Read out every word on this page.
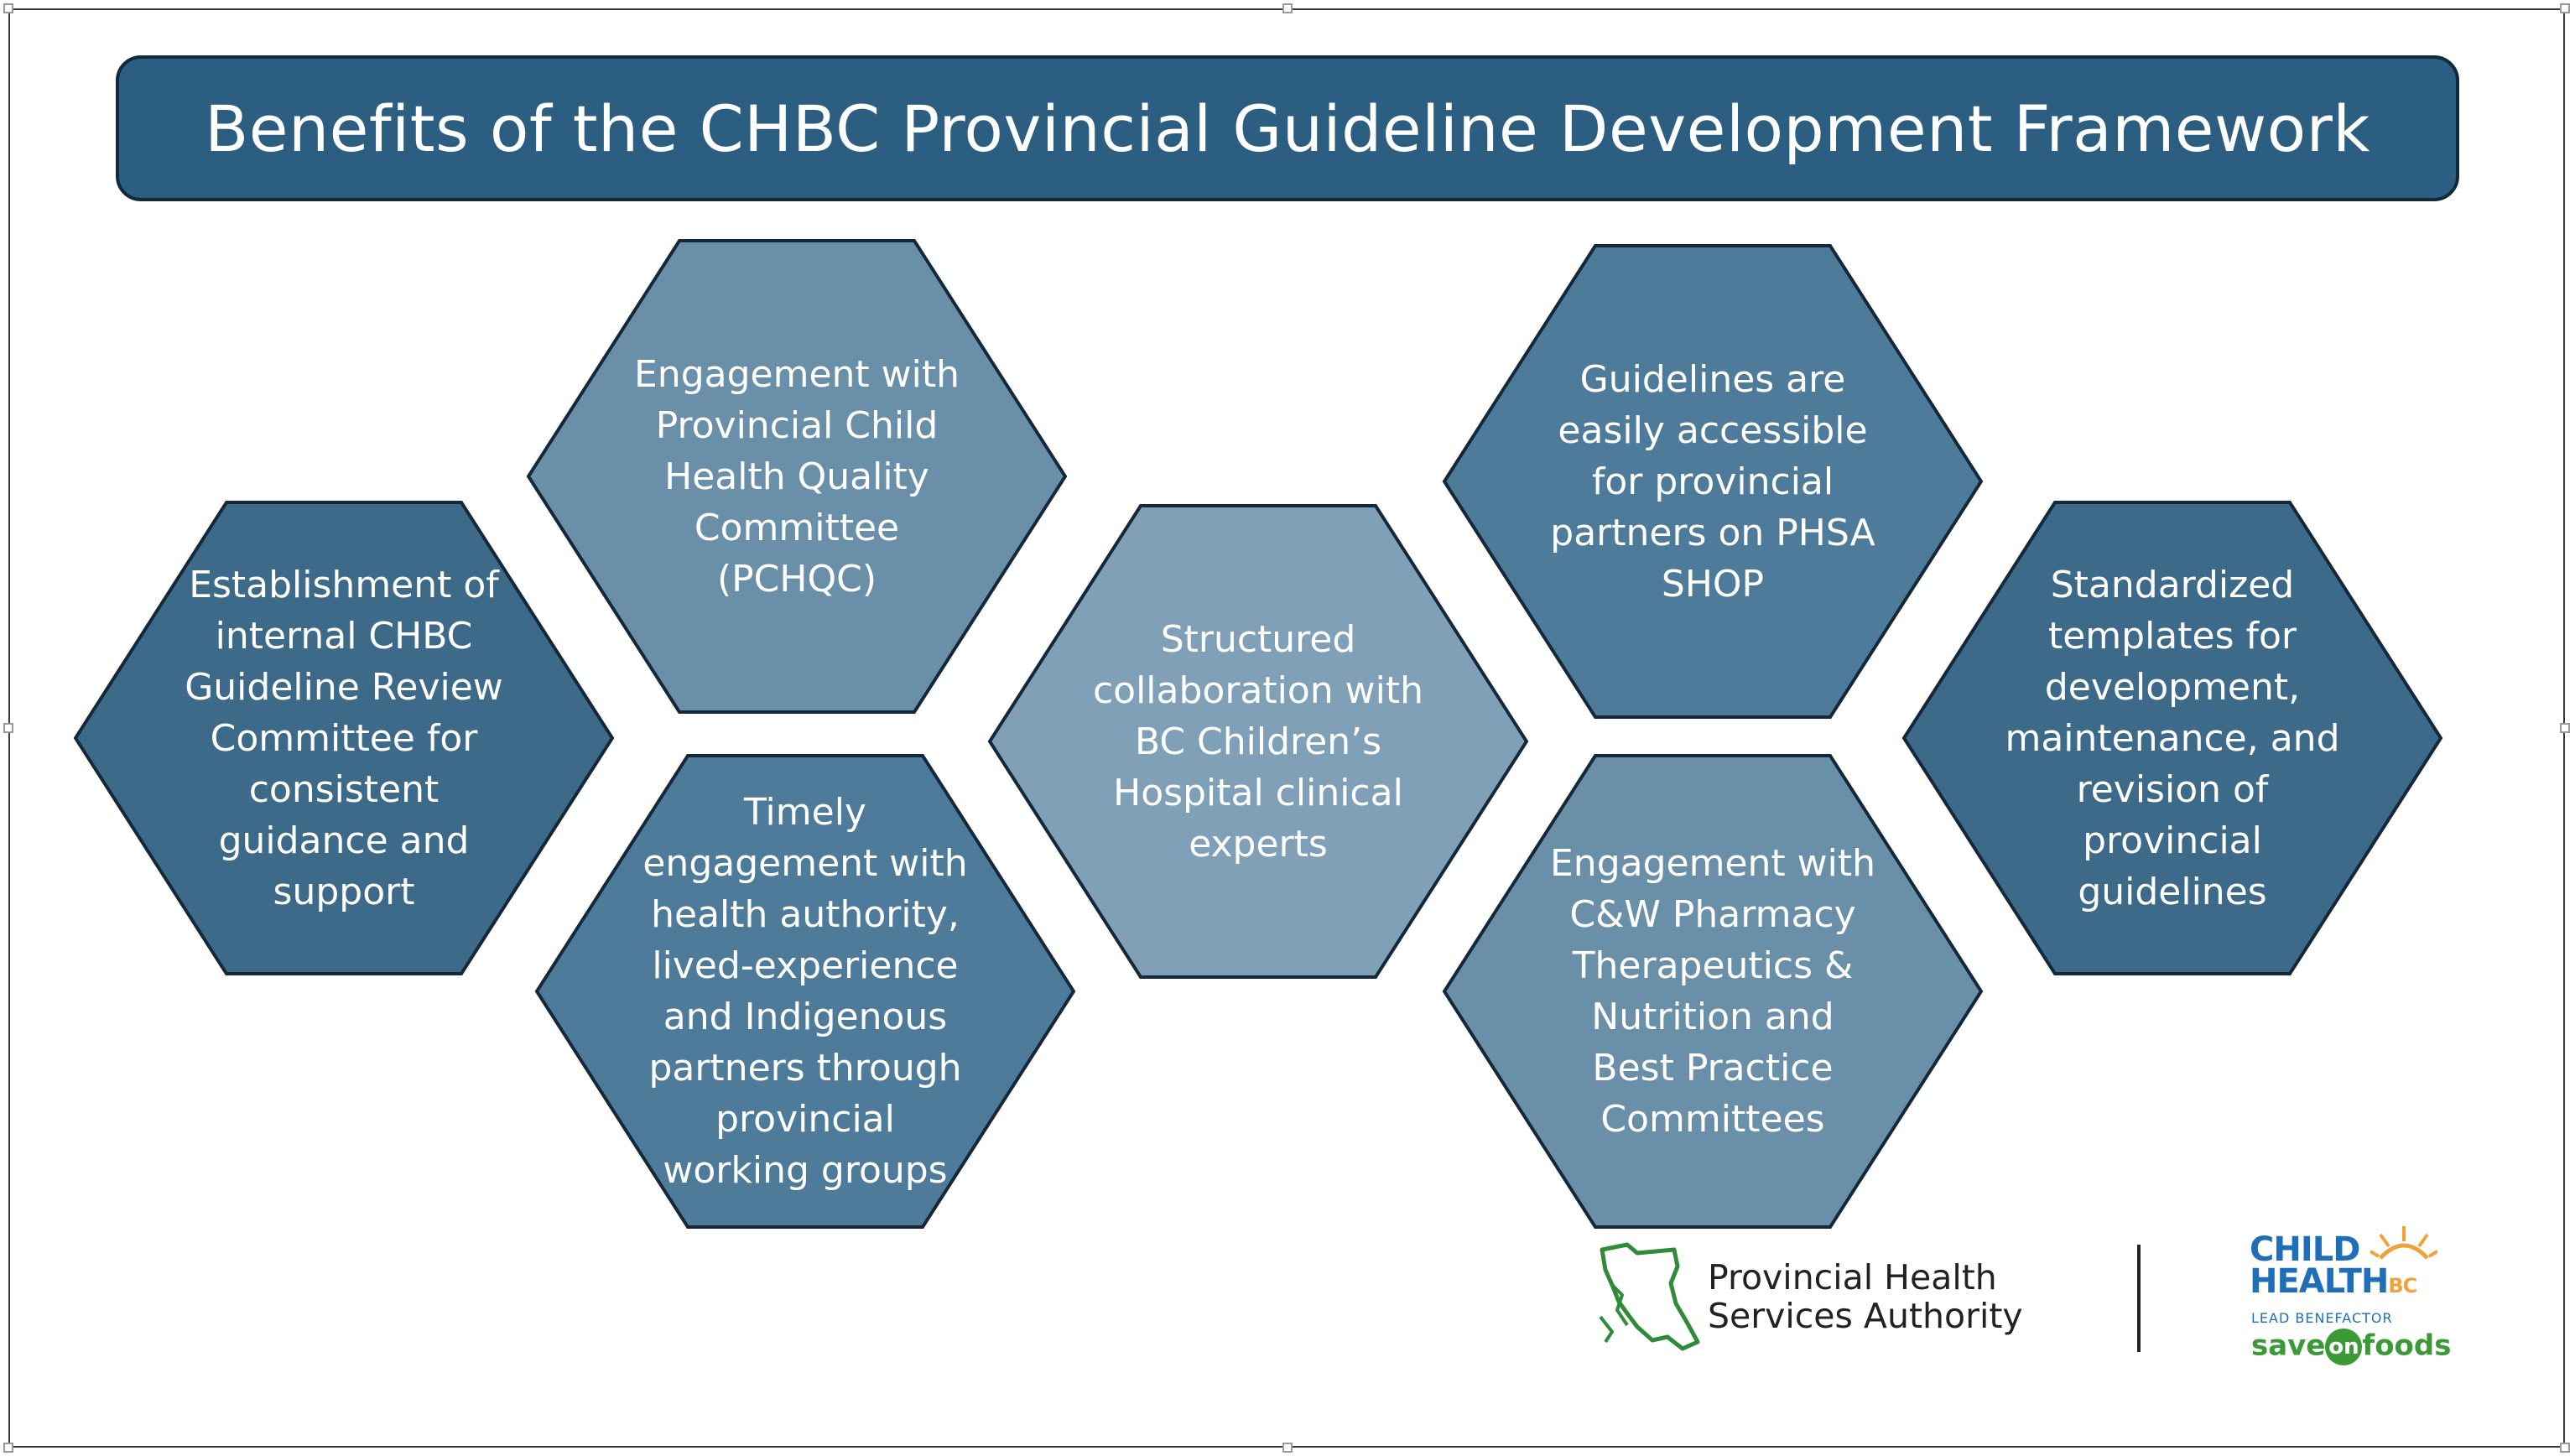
Benefits of the CHBC Provincial Guideline Development Framework
Establishment of internal CHBC Guideline Review Committee for consistent guidance and support
Engagement with Provincial Child Health Quality Committee (PCHQC)
Timely engagement with health authority, lived-experience and Indigenous partners through provincial working groups
Structured collaboration with BC Children’s Hospital clinical experts
Guidelines are easily accessible for provincial partners on PHSA SHOP
Engagement with C&W Pharmacy Therapeutics & Nutrition and Best Practice Committees
Standardized templates for development, maintenance, and revision of provincial guidelines
Provincial Health Services Authority
CHILD
HEALTHBC
LEAD BENEFACTOR
save on foods
